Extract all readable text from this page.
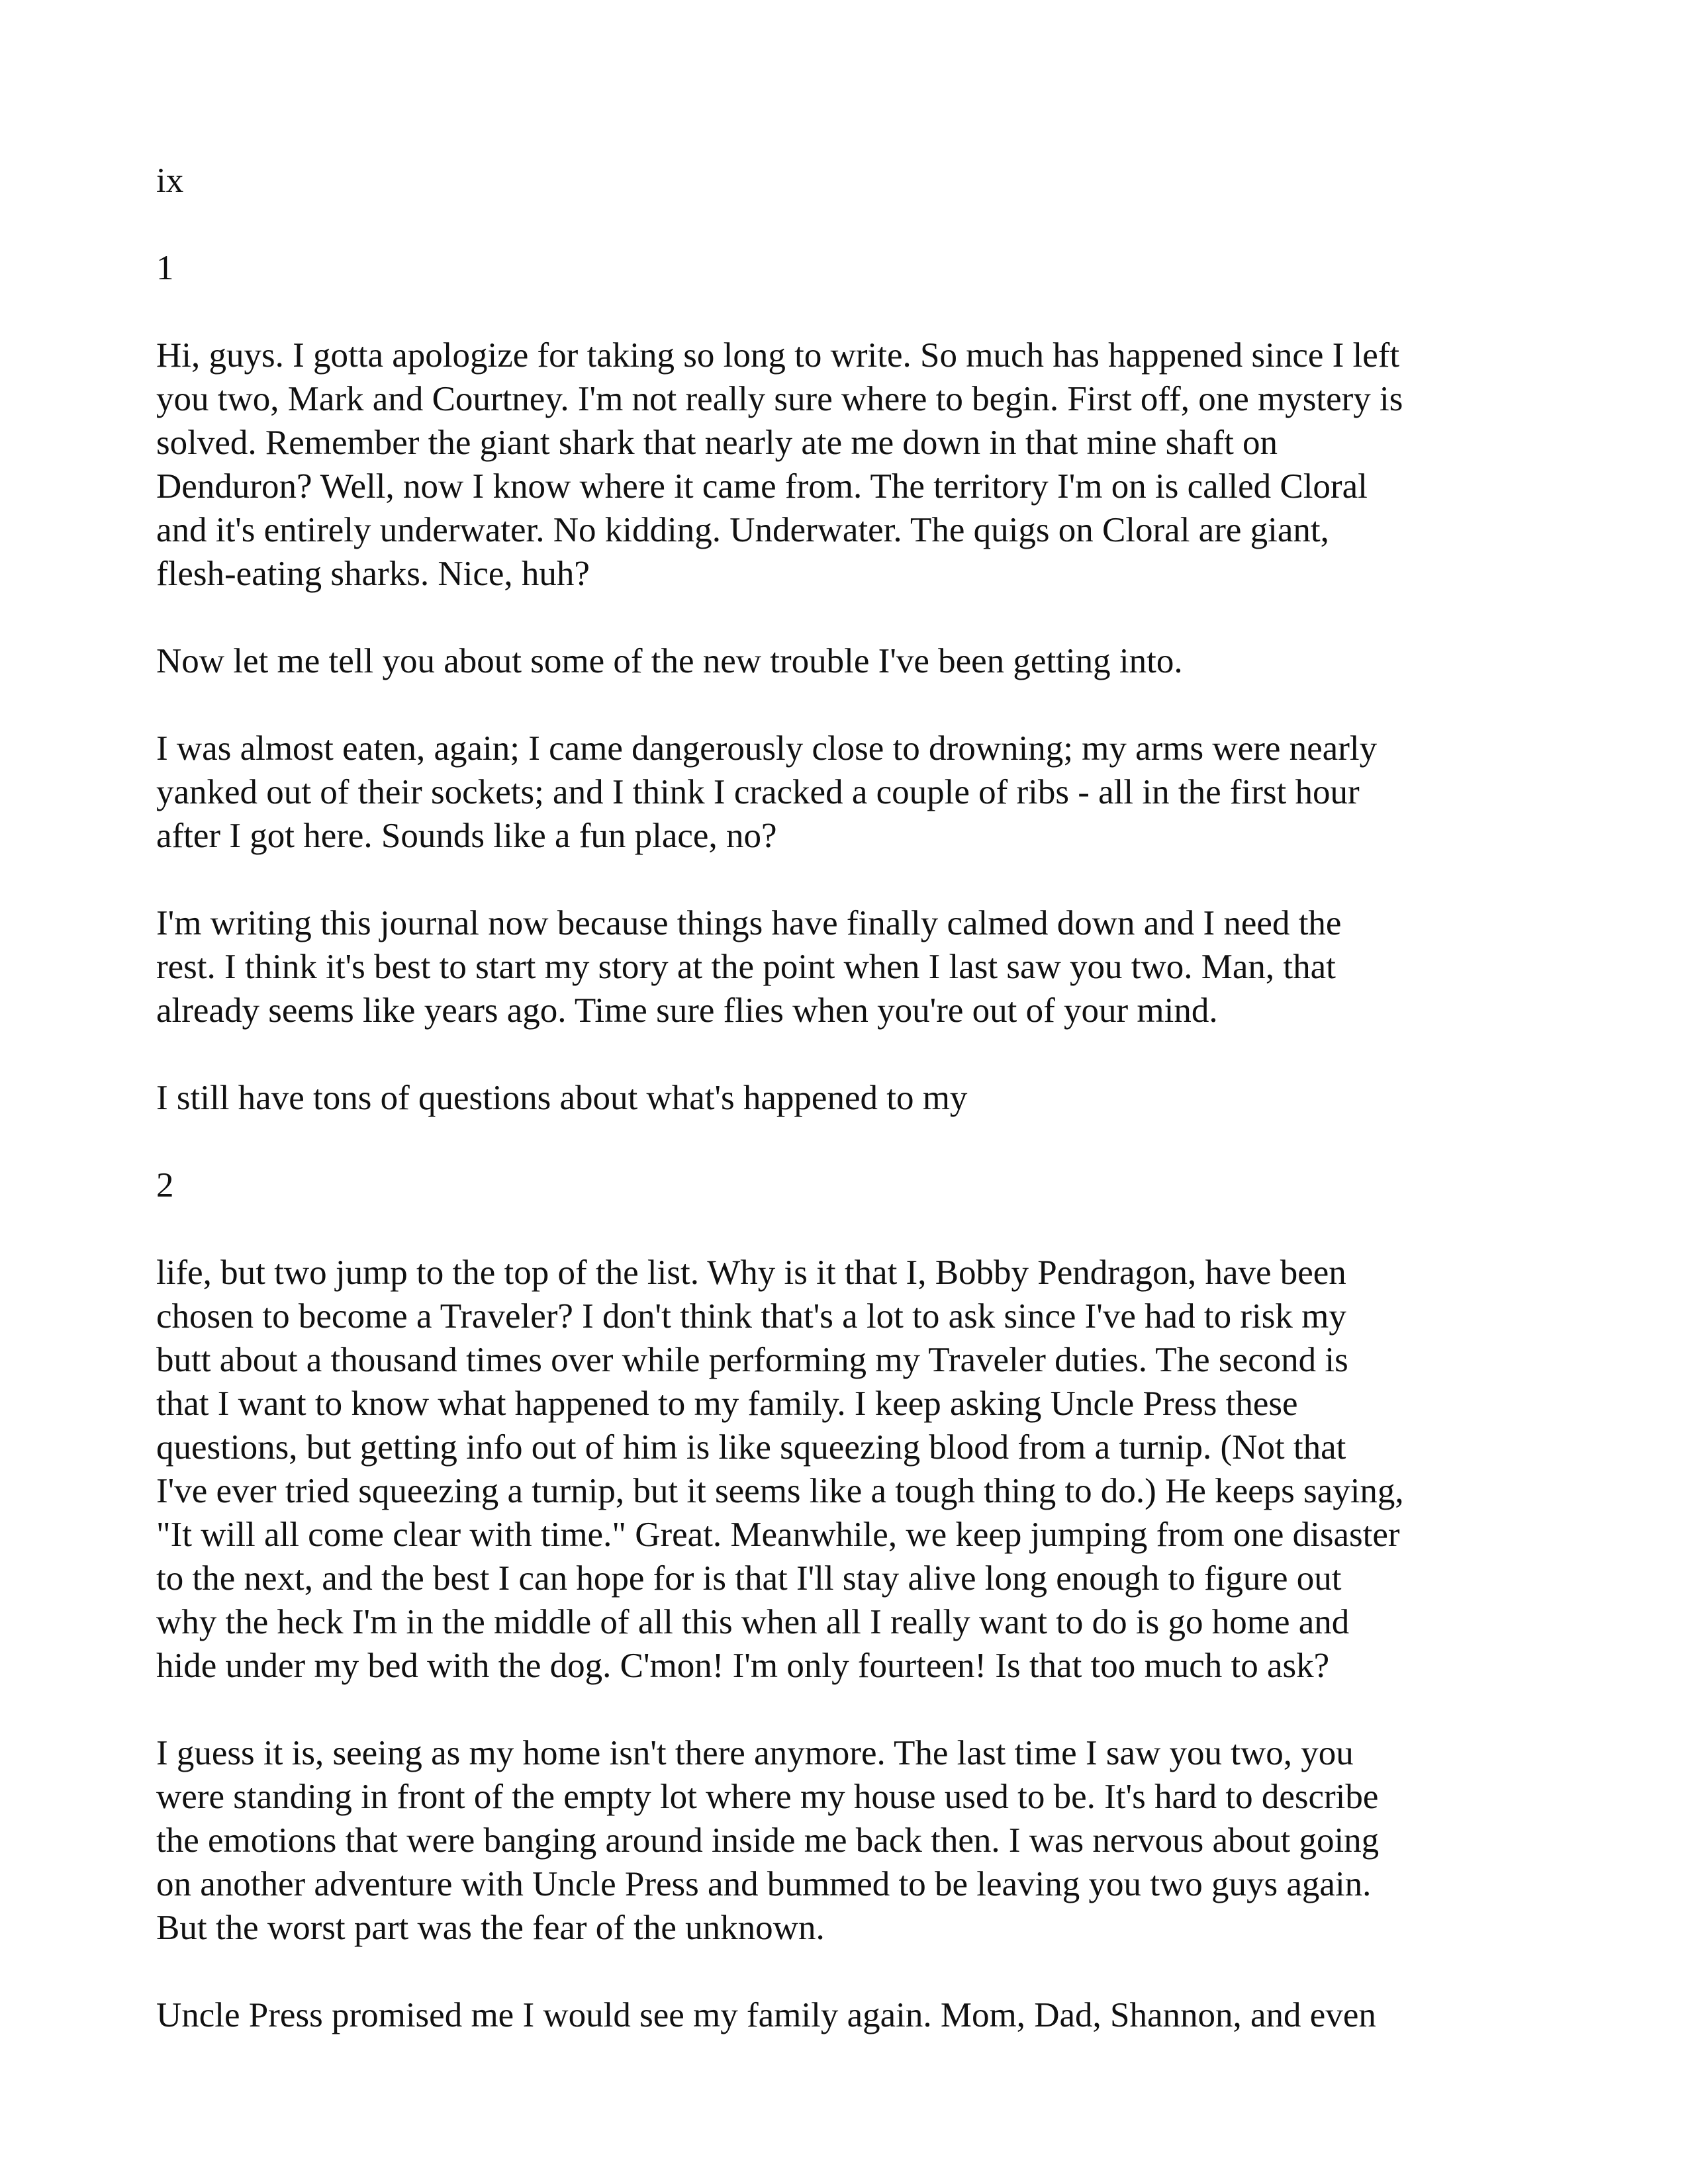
ix
1
Hi, guys. I gotta apologize for taking so long to write. So much has happened since I left
you two, Mark and Courtney. I'm not really sure where to begin. First off, one mystery is
solved. Remember the giant shark that nearly ate me down in that mine shaft on
Denduron? Well, now I know where it came from. The territory I'm on is called Cloral
and it's entirely underwater. No kidding. Underwater. The quigs on Cloral are giant,
flesh-eating sharks. Nice, huh?
Now let me tell you about some of the new trouble I've been getting into.
I was almost eaten, again; I came dangerously close to drowning; my arms were nearly
yanked out of their sockets; and I think I cracked a couple of ribs - all in the first hour
after I got here. Sounds like a fun place, no?
I'm writing this journal now because things have finally calmed down and I need the
rest. I think it's best to start my story at the point when I last saw you two. Man, that
already seems like years ago. Time sure flies when you're out of your mind.
I still have tons of questions about what's happened to my
2
life, but two jump to the top of the list. Why is it that I, Bobby Pendragon, have been
chosen to become a Traveler? I don't think that's a lot to ask since I've had to risk my
butt about a thousand times over while performing my Traveler duties. The second is
that I want to know what happened to my family. I keep asking Uncle Press these
questions, but getting info out of him is like squeezing blood from a turnip. (Not that
I've ever tried squeezing a turnip, but it seems like a tough thing to do.) He keeps saying,
"It will all come clear with time." Great. Meanwhile, we keep jumping from one disaster
to the next, and the best I can hope for is that I'll stay alive long enough to figure out
why the heck I'm in the middle of all this when all I really want to do is go home and
hide under my bed with the dog. C'mon! I'm only fourteen! Is that too much to ask?
I guess it is, seeing as my home isn't there anymore. The last time I saw you two, you
were standing in front of the empty lot where my house used to be. It's hard to describe
the emotions that were banging around inside me back then. I was nervous about going
on another adventure with Uncle Press and bummed to be leaving you two guys again.
But the worst part was the fear of the unknown.
Uncle Press promised me I would see my family again. Mom, Dad, Shannon, and even
